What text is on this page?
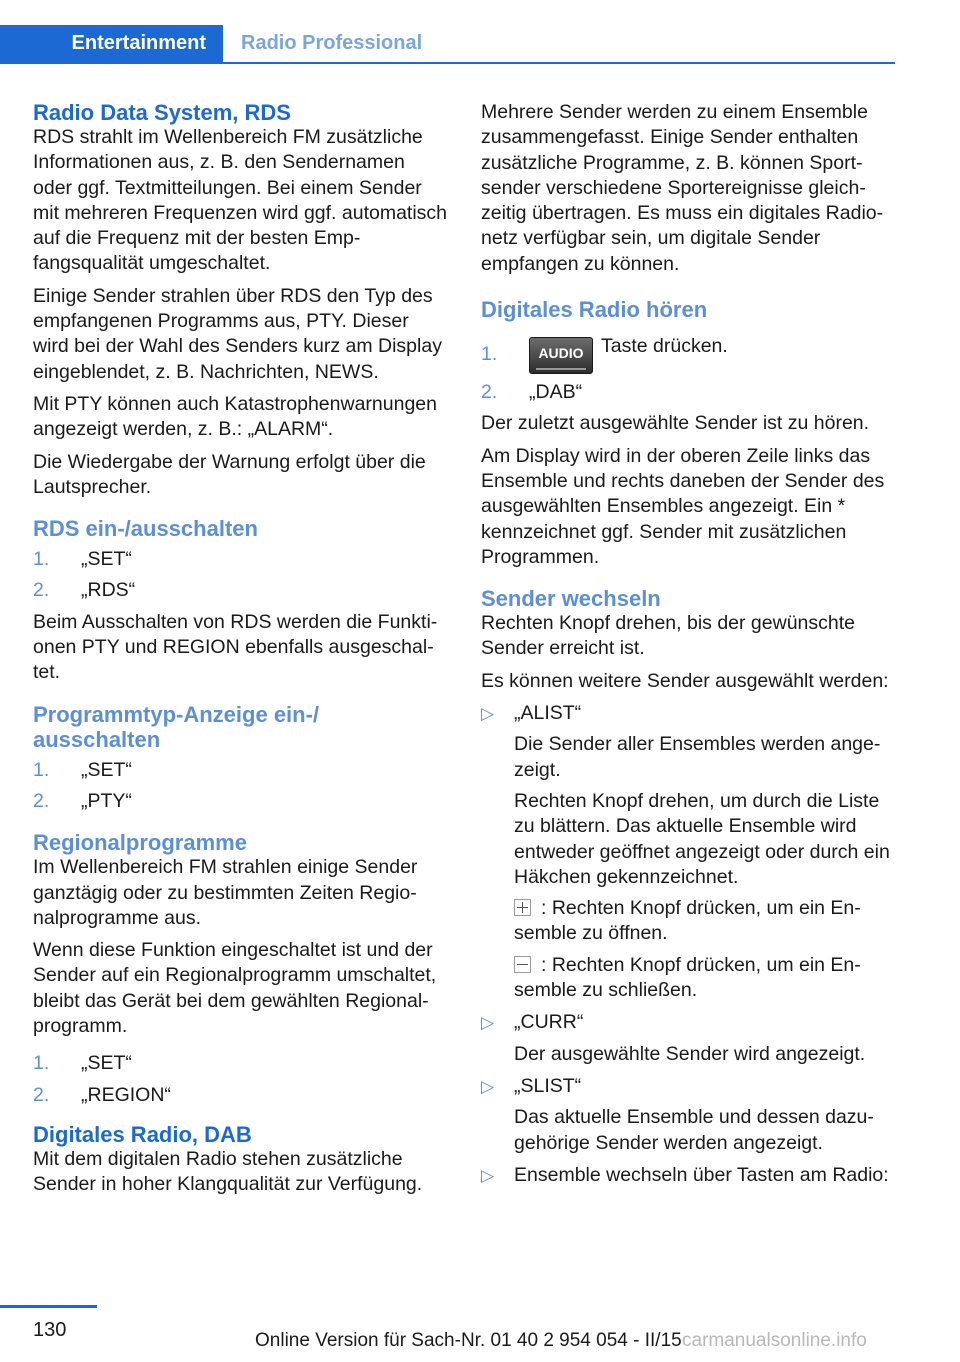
Entertainment Radio Professional
Radio Data System, RDS

RDS strahlt im Wellenbereich FM zusätzliche Informationen aus, z. B. den Sendernamen oder ggf. Textmitteilungen. Bei einem Sender mit mehreren Frequenzen wird ggf. automatisch auf die Frequenz mit der besten Empfangsqualität umgeschaltet.

Einige Sender strahlen über RDS den Typ des empfangenen Programms aus, PTY. Dieser wird bei der Wahl des Senders kurz am Display eingeblendet, z. B. Nachrichten, NEWS.

Mit PTY können auch Katastrophenwarnungen angezeigt werden, z. B.: „ALARM“.

Die Wiedergabe der Warnung erfolgt über die Lautsprecher.

RDS ein-/ausschalten
1. „SET“
2. „RDS“

Beim Ausschalten von RDS werden die Funktionen PTY und REGION ebenfalls ausgeschaltet.

Programmtyp-Anzeige ein-/ ausschalten
1. „SET“
2. „PTY“
Regionalprogramme

Im Wellenbereich FM strahlen einige Sender ganztägig oder zu bestimmten Zeiten Regionalprogramme aus.

Wenn diese Funktion eingeschaltet ist und der Sender auf ein Regionalprogramm umschaltet, bleibt das Gerät bei dem gewählten Regionalprogramm.

1. „SET“
2. „REGION“
Digitales Radio, DAB

Mit dem digitalen Radio stehen zusätzliche Sender in hoher Klangqualität zur Verfügung.

Mehrere Sender werden zu einem Ensemble zusammengefasst. Einige Sender enthalten zusätzliche Programme, z. B. können Sportsender verschiedene Sportereignisse gleichzeitig übertragen. Es muss ein digitales Radionetz verfügbar sein, um digitale Sender empfangen zu können.

Digitales Radio hören
1.	AUDIO Taste drücken.
2. „DAB“

Der zuletzt ausgewählte Sender ist zu hören.

Am Display wird in der oberen Zeile links das Ensemble und rechts daneben der Sender des ausgewählten Ensembles angezeigt. Ein * kennzeichnet ggf. Sender mit zusätzlichen Programmen.

Sender wechseln

Rechten Knopf drehen, bis der gewünschte Sender erreicht ist.

Es können weitere Sender ausgewählt werden:

▷ „ALIST“
Die Sender aller Ensembles werden angezeigt.
Rechten Knopf drehen, um durch die Liste zu blättern. Das aktuelle Ensemble wird entweder geöffnet angezeigt oder durch ein Häkchen gekennzeichnet.
: Rechten Knopf drücken, um ein Ensemble zu öffnen.
: Rechten Knopf drücken, um ein Ensemble zu schließen.
▷ „CURR“
Der ausgewählte Sender wird angezeigt.
▷ „SLIST“
Das aktuelle Ensemble und dessen dazugehörige Sender werden angezeigt.
▷ Ensemble wechseln über Tasten am Radio:
130	Online Version für Sach-Nr. 01 40 2 954 054 - II/15 carmanualsonline.info
